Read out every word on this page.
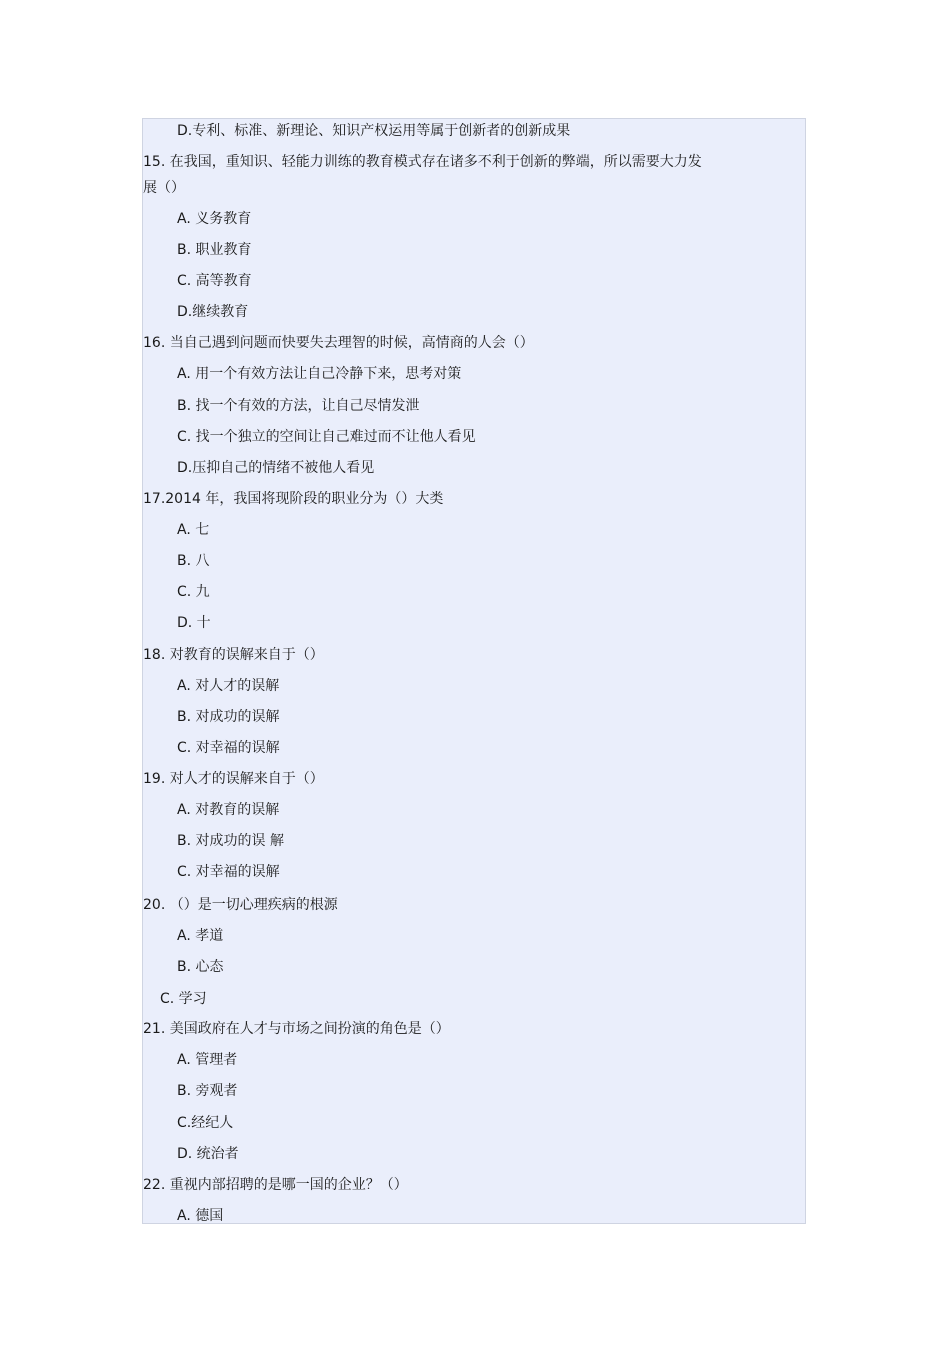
D.专利、标准、新理论、知识产权运用等属于创新者的创新成果
15. 在我国，重知识、轻能力训练的教育模式存在诸多不利于创新的弊端，所以需要大力发
展（）
A. 义务教育
B. 职业教育
C. 高等教育
D.继续教育
16. 当自己遇到问题而快要失去理智的时候，高情商的人会（）
A. 用一个有效方法让自己冷静下来，思考对策
B. 找一个有效的方法，让自己尽情发泄
C. 找一个独立的空间让自己难过而不让他人看见
D.压抑自己的情绪不被他人看见
17.2014 年，我国将现阶段的职业分为（）大类
A. 七
B. 八
C. 九
D. 十
18. 对教育的误解来自于（）
A. 对人才的误解
B. 对成功的误解
C. 对幸福的误解
19. 对人才的误解来自于（）
A. 对教育的误解
B. 对成功的误 解
C. 对幸福的误解
20. （）是一切心理疾病的根源
A. 孝道
B. 心态
C. 学习
21. 美国政府在人才与市场之间扮演的角色是（）
A. 管理者
B. 旁观者
C.经纪人
D. 统治者
22. 重视内部招聘的是哪一国的企业？（）
A. 德国
